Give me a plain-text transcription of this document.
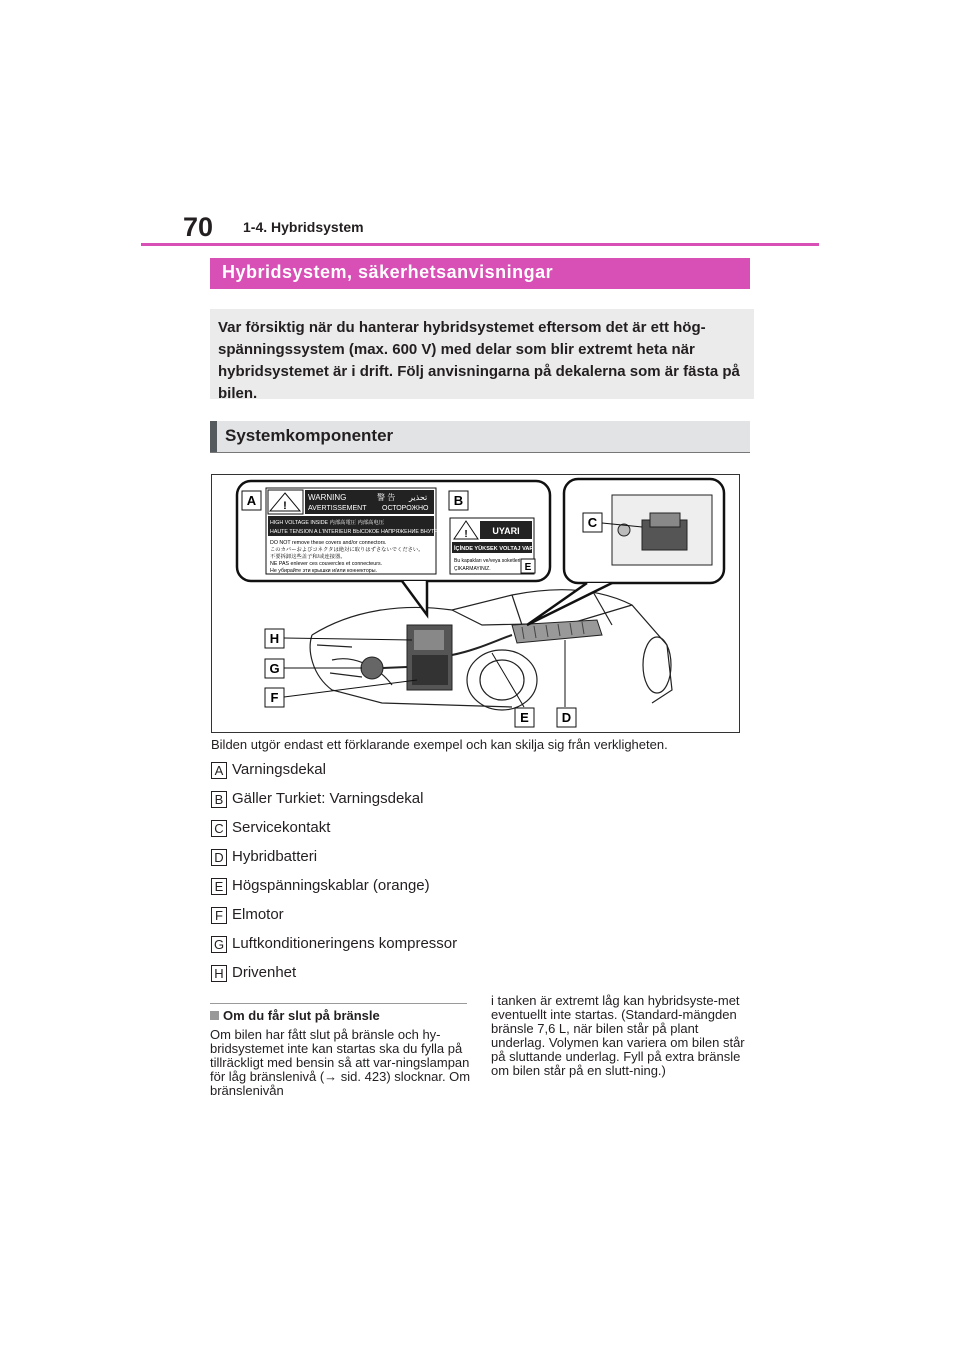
70 1-4. Hybridsystem
Hybridsystem, säkerhetsanvisningar

Var försiktig när du hanterar hybridsystemet eftersom det är ett hög-spänningssystem (max. 600 V) med delar som blir extremt heta när hybridsystemet är i drift. Följ anvisningarna på dekalerna som är fästa på bilen.

Systemkomponenter
!
WARNING	警 告 تحذير
AVERTISSEMENT ОСТОРОЖНО
HIGH VOLTAGE INSIDE 内部高電圧 内部高电压
HAUTE TENSION A L'INTERIEUR ВЫСОКОЕ НАПРЯЖЕНИЕ ВНУТРИ
DO NOT remove these covers and/or connectors.
このカバーおよびコネクタは絶対に取りはずさないでください。
不要拆卸这些盖子和/或连接器。
NE PAS enlever ces couvercles et connecteurs.
Не убирайте эти крышки и/или коннекторы.
!	UYARI
İÇİNDE YÜKSEK VOLTAJ VAR
Bu kapakları ve/veya soketleri
ÇIKARMAYINIZ.
A	B
C
D
E
E
F
G
H
Bilden utgör endast ett förklarande exempel och kan skilja sig från verkligheten.
A Varningsdekal
B Gäller Turkiet: Varningsdekal
C Servicekontakt
D Hybridbatteri
E Högspänningskablar (orange)
F Elmotor
G Luftkonditioneringens kompressor
H Drivenhet
Om du får slut på bränsle

Om bilen har fått slut på bränsle och hy-bridsystemet inte kan startas ska du fylla på tillräckligt med bensin så att var-ningslampan för låg bränslenivå (→ sid. 423) slocknar. Om bränslenivån

i tanken är extremt låg kan hybridsyste-met eventuellt inte startas. (Standard-mängden bränsle 7,6 L, när bilen står på plant underlag. Volymen kan variera om bilen står på sluttande underlag. Fyll på extra bränsle om bilen står på en slutt-ning.)
